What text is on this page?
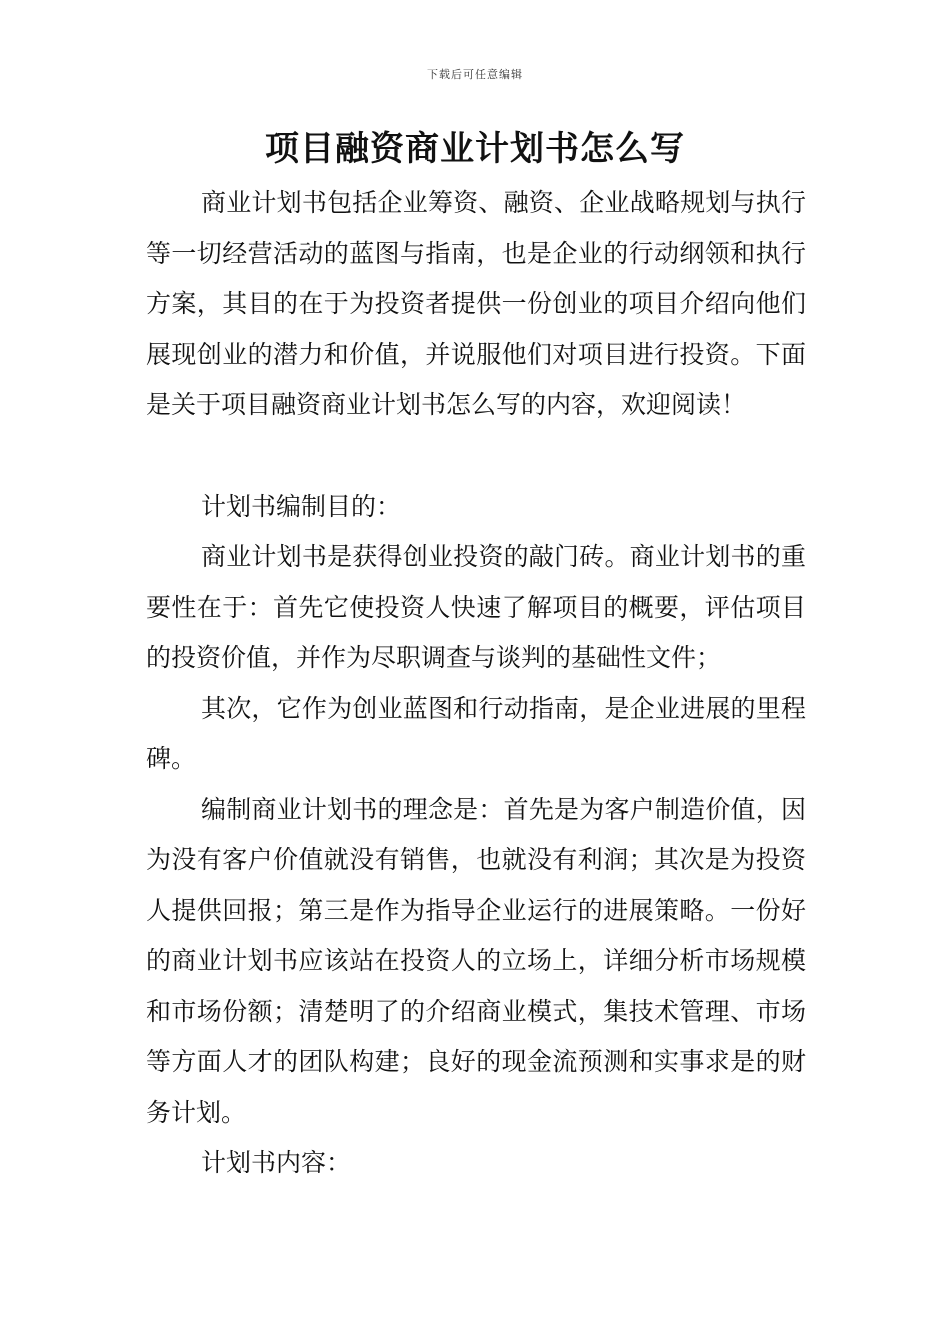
下载后可任意编辑
项目融资商业计划书怎么写

商业计划书包括企业筹资、融资、企业战略规划与执行等一切经营活动的蓝图与指南，也是企业的行动纲领和执行方案，其目的在于为投资者提供一份创业的项目介绍向他们展现创业的潜力和价值，并说服他们对项目进行投资。下面是关于项目融资商业计划书怎么写的内容，欢迎阅读！

计划书编制目的：

商业计划书是获得创业投资的敲门砖。商业计划书的重要性在于：首先它使投资人快速了解项目的概要，评估项目的投资价值，并作为尽职调查与谈判的基础性文件；

其次，它作为创业蓝图和行动指南，是企业进展的里程碑。

编制商业计划书的理念是：首先是为客户制造价值，因为没有客户价值就没有销售，也就没有利润；其次是为投资人提供回报；第三是作为指导企业运行的进展策略。一份好的商业计划书应该站在投资人的立场上，详细分析市场规模和市场份额；清楚明了的介绍商业模式，集技术管理、市场等方面人才的团队构建；良好的现金流预测和实事求是的财务计划。

计划书内容：
